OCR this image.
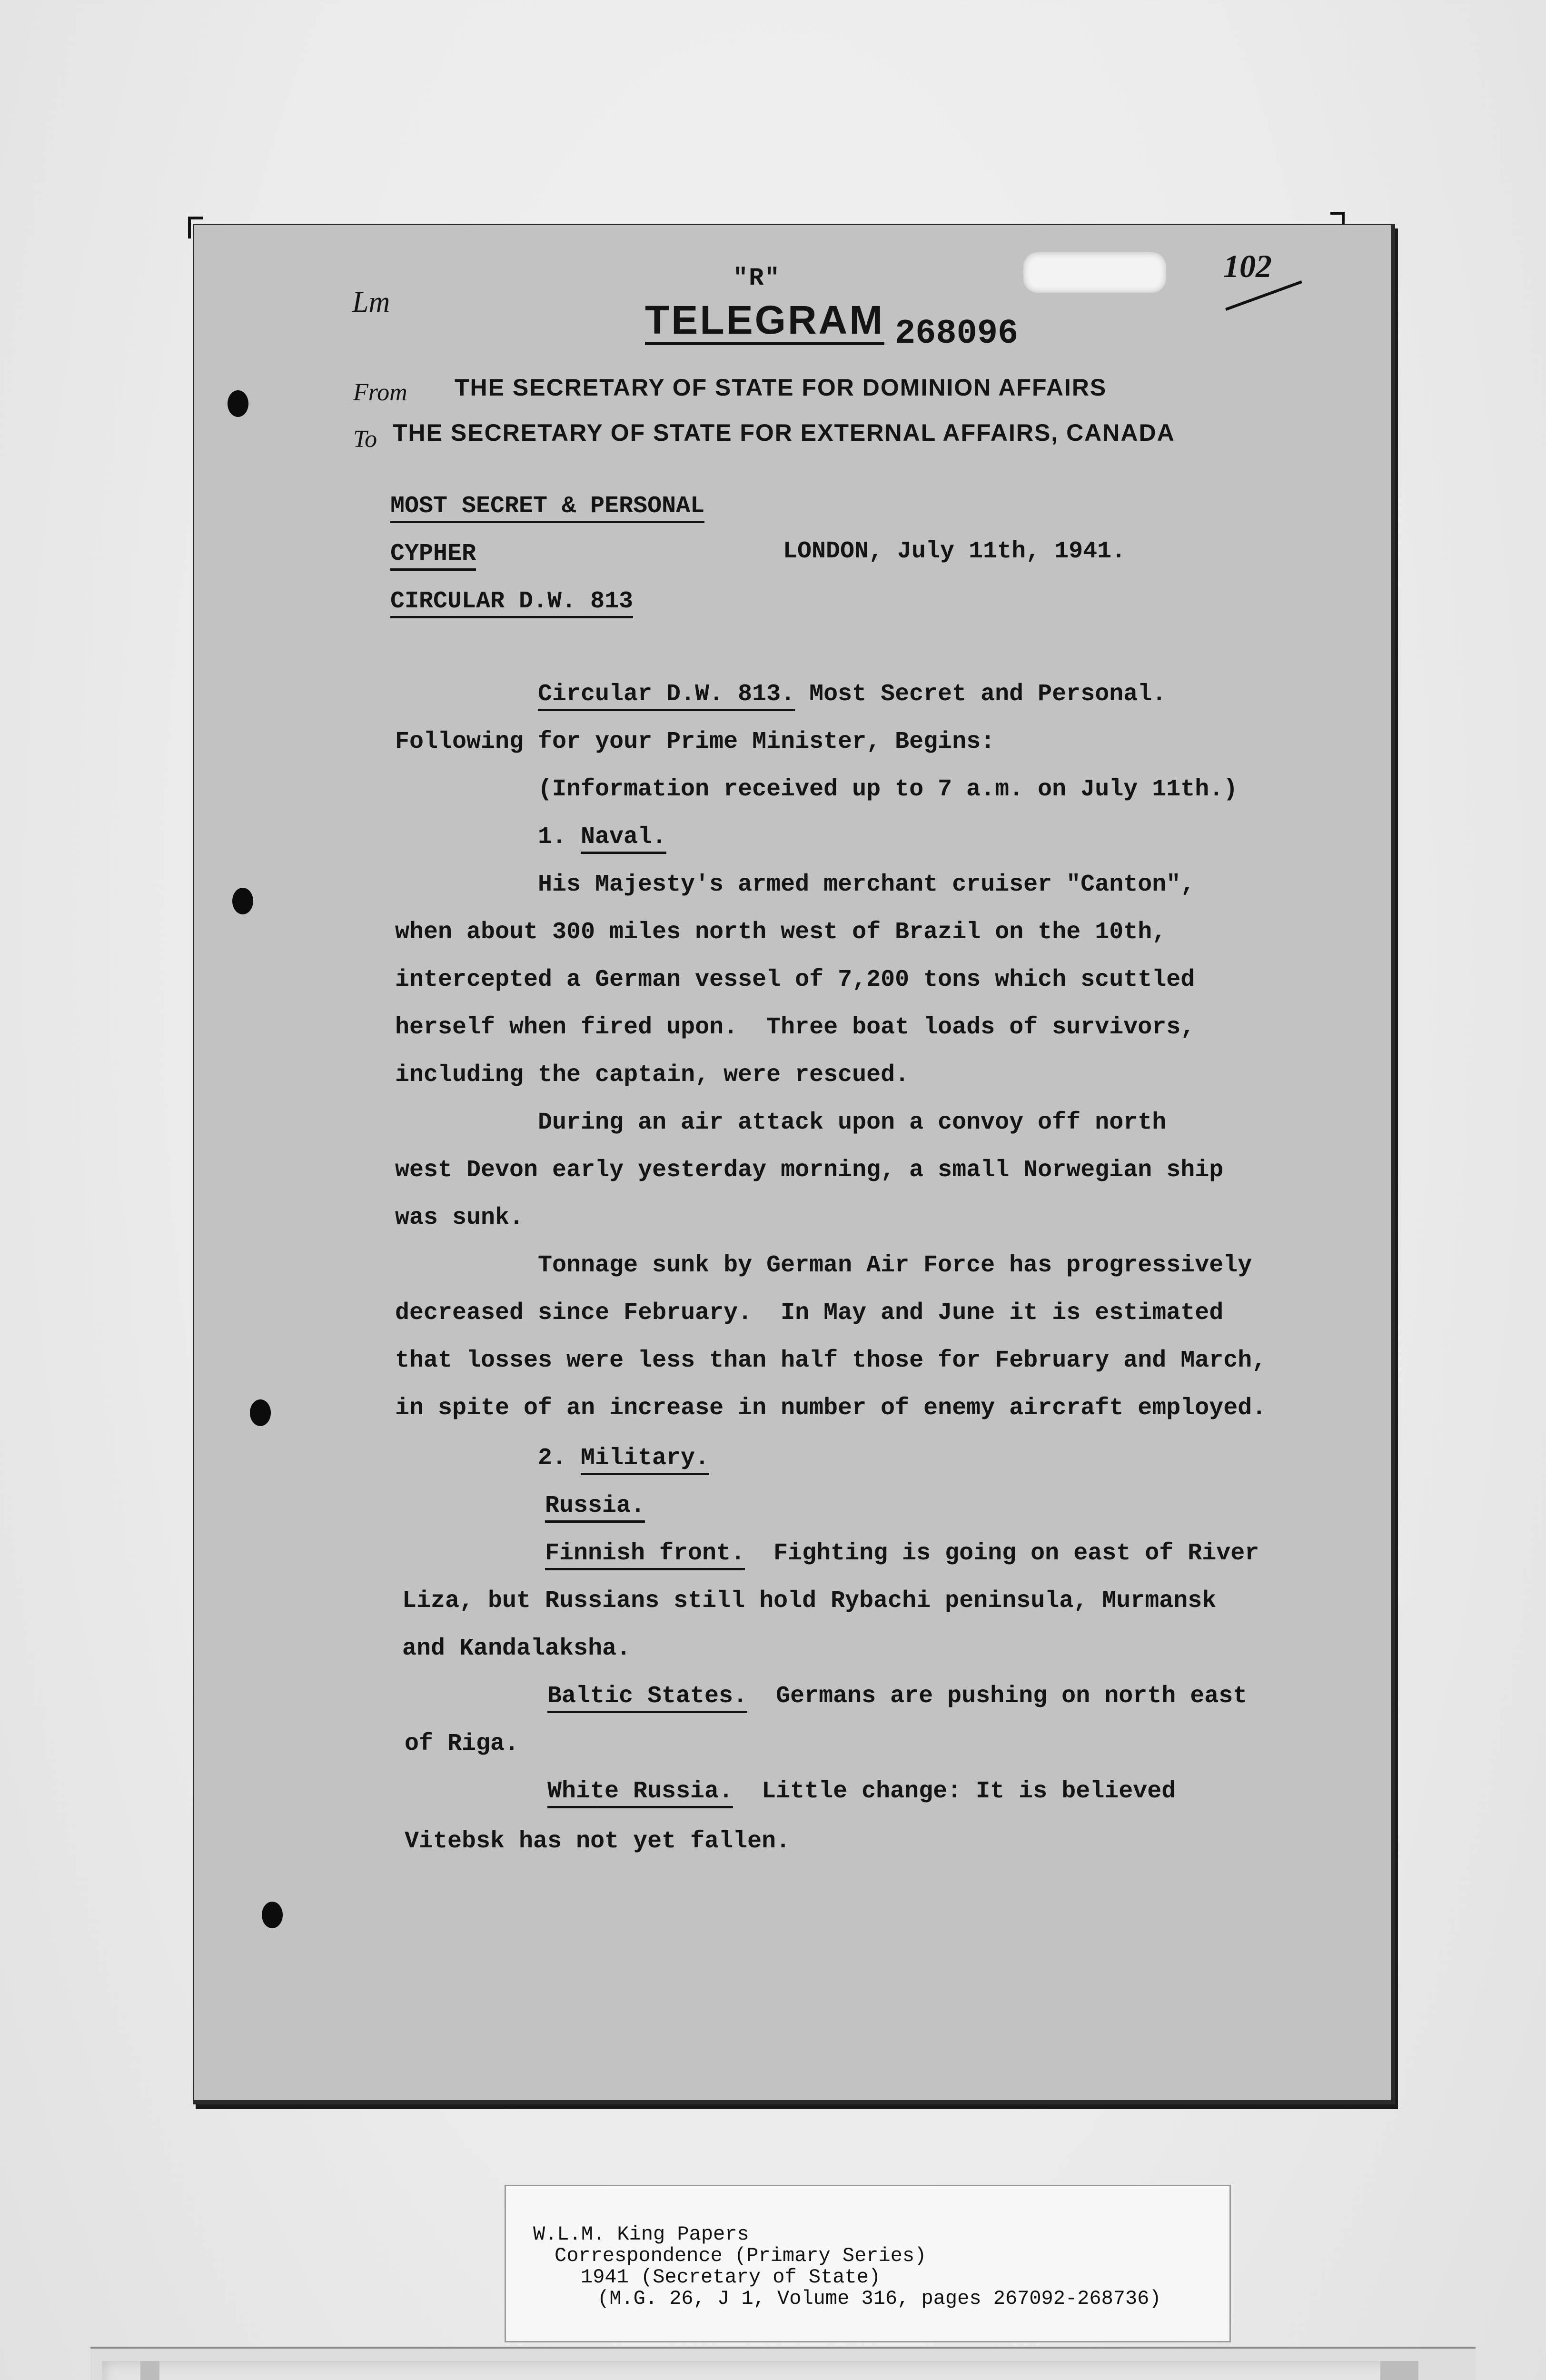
Lm
102
"R"
TELEGRAM 268096
From THE SECRETARY OF STATE FOR DOMINION AFFAIRS
To THE SECRETARY OF STATE FOR EXTERNAL AFFAIRS, CANADA
MOST SECRET & PERSONAL
CYPHER	LONDON, July 11th, 1941.
CIRCULAR D.W. 813
Circular D.W. 813. Most Secret and Personal.
Following for your Prime Minister, Begins:
(Information received up to 7 a.m. on July 11th.)
1. Naval.
His Majesty's armed merchant cruiser "Canton",
when about 300 miles north west of Brazil on the 10th,
intercepted a German vessel of 7,200 tons which scuttled
herself when fired upon.  Three boat loads of survivors,
including the captain, were rescued.
During an air attack upon a convoy off north
west Devon early yesterday morning, a small Norwegian ship
was sunk.
Tonnage sunk by German Air Force has progressively
decreased since February.  In May and June it is estimated
that losses were less than half those for February and March,
in spite of an increase in number of enemy aircraft employed.
2. Military.
Russia.
Finnish front.  Fighting is going on east of River
Liza, but Russians still hold Rybachi peninsula, Murmansk
and Kandalaksha.
Baltic States.  Germans are pushing on north east
of Riga.
White Russia.  Little change: It is believed
Vitebsk has not yet fallen.
W.L.M. King Papers
Correspondence (Primary Series)
1941 (Secretary of State)
(M.G. 26, J 1, Volume 316, pages 267092-268736)
